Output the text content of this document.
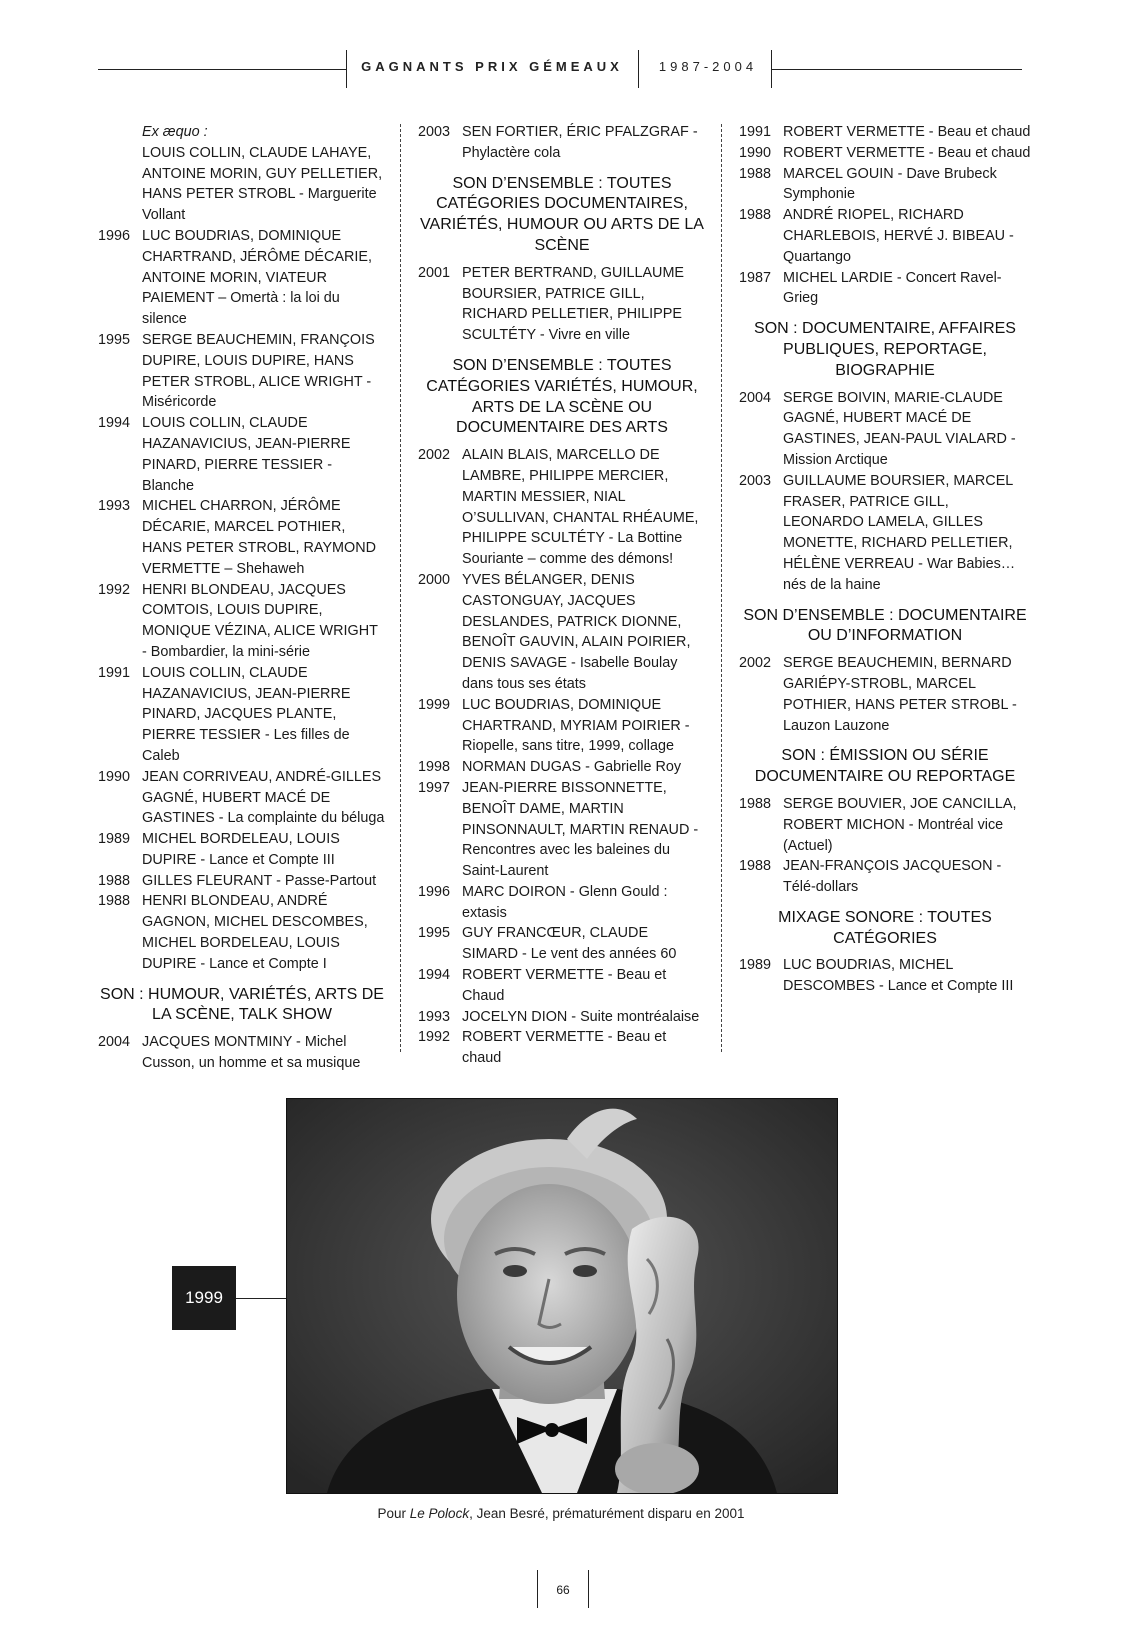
GAGNANTS PRIX GÉMEAUX	1987-2004
Ex æquo :
LOUIS COLLIN, CLAUDE LAHAYE, ANTOINE MORIN, GUY PELLETIER, HANS PETER STROBL - Marguerite Vollant
1996 LUC BOUDRIAS, DOMINIQUE CHARTRAND, JÉRÔME DÉCARIE, ANTOINE MORIN, VIATEUR PAIEMENT – Omertà : la loi du silence
1995 SERGE BEAUCHEMIN, FRANÇOIS DUPIRE, LOUIS DUPIRE, HANS PETER STROBL, ALICE WRIGHT - Miséricorde
1994 LOUIS COLLIN, CLAUDE HAZANAVICIUS, JEAN-PIERRE PINARD, PIERRE TESSIER - Blanche
1993 MICHEL CHARRON, JÉRÔME DÉCARIE, MARCEL POTHIER, HANS PETER STROBL, RAYMOND VERMETTE – Shehaweh
1992 HENRI BLONDEAU, JACQUES COMTOIS, LOUIS DUPIRE, MONIQUE VÉZINA, ALICE WRIGHT - Bombardier, la mini-série
1991 LOUIS COLLIN, CLAUDE HAZANAVICIUS, JEAN-PIERRE PINARD, JACQUES PLANTE, PIERRE TESSIER - Les filles de Caleb
1990 JEAN CORRIVEAU, ANDRÉ-GILLES GAGNÉ, HUBERT MACÉ DE GASTINES - La complainte du béluga
1989 MICHEL BORDELEAU, LOUIS DUPIRE - Lance et Compte III
1988 GILLES FLEURANT - Passe-Partout
1988 HENRI BLONDEAU, ANDRÉ GAGNON, MICHEL DESCOMBES, MICHEL BORDELEAU, LOUIS DUPIRE - Lance et Compte I
SON : HUMOUR, VARIÉTÉS, ARTS DE LA SCÈNE, TALK SHOW
2004 JACQUES MONTMINY - Michel Cusson, un homme et sa musique
2003 SEN FORTIER, ÉRIC PFALZGRAF - Phylactère cola
SON D’ENSEMBLE : TOUTES CATÉGORIES DOCUMENTAIRES, VARIÉTÉS, HUMOUR OU ARTS DE LA SCÈNE
2001 PETER BERTRAND, GUILLAUME BOURSIER, PATRICE GILL, RICHARD PELLETIER, PHILIPPE SCULTÉTY - Vivre en ville
SON D’ENSEMBLE : TOUTES CATÉGORIES VARIÉTÉS, HUMOUR, ARTS DE LA SCÈNE OU DOCUMENTAIRE DES ARTS
2002 ALAIN BLAIS, MARCELLO DE LAMBRE, PHILIPPE MERCIER, MARTIN MESSIER, NIAL O’SULLIVAN, CHANTAL RHÉAUME, PHILIPPE SCULTÉTY - La Bottine Souriante – comme des démons!
2000 YVES BÉLANGER, DENIS CASTONGUAY, JACQUES DESLANDES, PATRICK DIONNE, BENOÎT GAUVIN, ALAIN POIRIER, DENIS SAVAGE - Isabelle Boulay dans tous ses états
1999 LUC BOUDRIAS, DOMINIQUE CHARTRAND, MYRIAM POIRIER - Riopelle, sans titre, 1999, collage
1998 NORMAN DUGAS - Gabrielle Roy
1997 JEAN-PIERRE BISSONNETTE, BENOÎT DAME, MARTIN PINSONNAULT, MARTIN RENAUD - Rencontres avec les baleines du Saint-Laurent
1996 MARC DOIRON - Glenn Gould : extasis
1995 GUY FRANCŒUR, CLAUDE SIMARD - Le vent des années 60
1994 ROBERT VERMETTE - Beau et Chaud
1993 JOCELYN DION - Suite montréalaise
1992 ROBERT VERMETTE - Beau et chaud
1991 ROBERT VERMETTE - Beau et chaud
1990 ROBERT VERMETTE - Beau et chaud
1988 MARCEL GOUIN - Dave Brubeck Symphonie
1988 ANDRÉ RIOPEL, RICHARD CHARLEBOIS, HERVÉ J. BIBEAU - Quartango
1987 MICHEL LARDIE - Concert Ravel-Grieg
SON : DOCUMENTAIRE, AFFAIRES PUBLIQUES, REPORTAGE, BIOGRAPHIE
2004 SERGE BOIVIN, MARIE-CLAUDE GAGNÉ, HUBERT MACÉ DE GASTINES, JEAN-PAUL VIALARD - Mission Arctique
2003 GUILLAUME BOURSIER, MARCEL FRASER, PATRICE GILL, LEONARDO LAMELA, GILLES MONETTE, RICHARD PELLETIER, HÉLÈNE VERREAU - War Babies… nés de la haine
SON D’ENSEMBLE : DOCUMENTAIRE OU D’INFORMATION
2002 SERGE BEAUCHEMIN, BERNARD GARIÉPY-STROBL, MARCEL POTHIER, HANS PETER STROBL - Lauzon Lauzone
SON : ÉMISSION OU SÉRIE DOCUMENTAIRE OU REPORTAGE
1988 SERGE BOUVIER, JOE CANCILLA, ROBERT MICHON - Montréal vice (Actuel)
1988 JEAN-FRANÇOIS JACQUESON - Télé-dollars
MIXAGE SONORE : TOUTES CATÉGORIES
1989 LUC BOUDRIAS, MICHEL DESCOMBES - Lance et Compte III
1999
Pour Le Polock, Jean Besré, prématurément disparu en 2001
66
